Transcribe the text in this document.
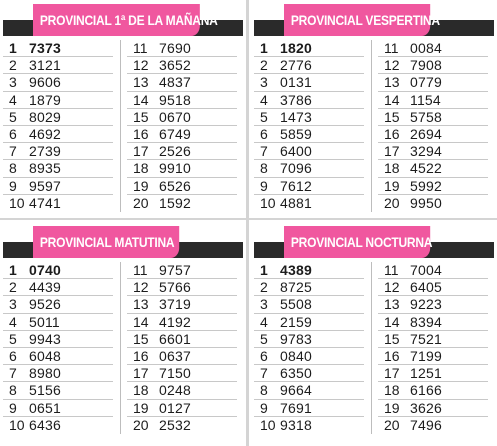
PROVINCIAL 1ª DE LA MAÑANA
1 7373
2 3121
3 9606
4 1879
5 8029
6 4692
7 2739
8 8935
9 9597
10 4741
11 7690
12 3652
13 4837
14 9518
15 0670
16 6749
17 2526
18 9910
19 6526
20 1592
PROVINCIAL VESPERTINA
1 1820
2 2776
3 0131
4 3786
5 1473
6 5859
7 6400
8 7096
9 7612
10 4881
11 0084
12 7908
13 0779
14 1154
15 5758
16 2694
17 3294
18 4522
19 5992
20 9950
PROVINCIAL MATUTINA
1 0740
2 4439
3 9526
4 5011
5 9943
6 6048
7 8980
8 5156
9 0651
10 6436
11 9757
12 5766
13 3719
14 4192
15 6601
16 0637
17 7150
18 0248
19 0127
20 2532
PROVINCIAL NOCTURNA
1 4389
2 8725
3 5508
4 2159
5 9783
6 0840
7 6350
8 9664
9 7691
10 9318
11 7004
12 6405
13 9223
14 8394
15 7521
16 7199
17 1251
18 6166
19 3626
20 7496
